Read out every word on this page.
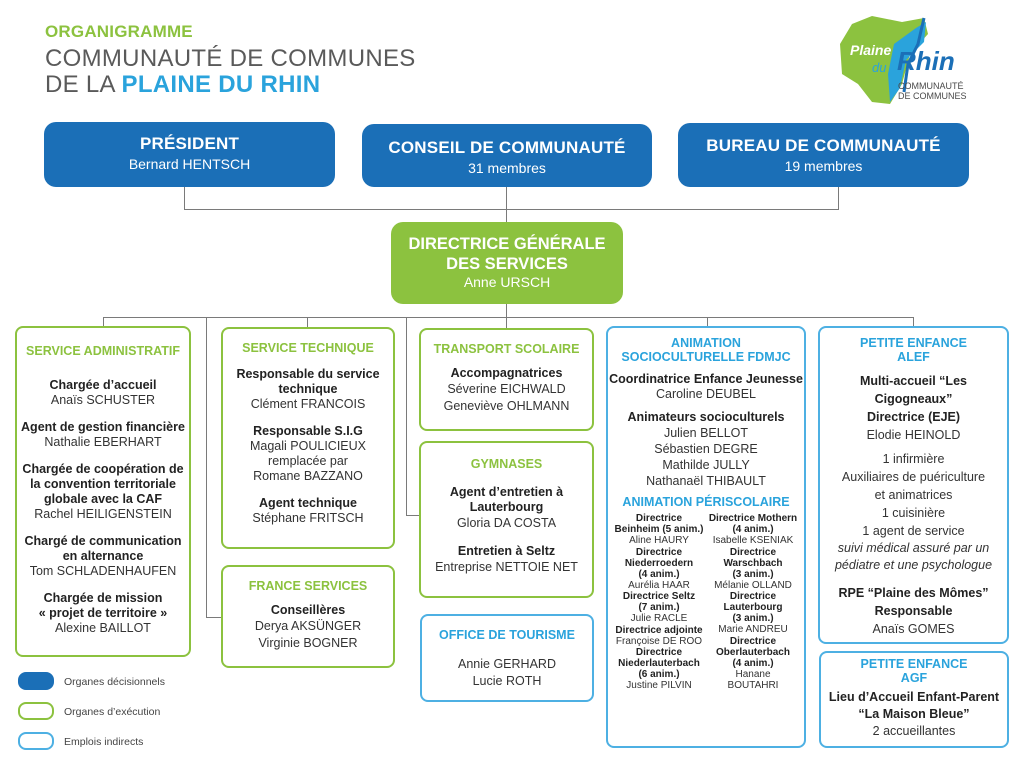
ORGANIGRAMME
COMMUNAUTÉ DE COMMUNES
DE LA PLAINE DU RHIN
Plaine
du Rhin
COMMUNAUTÉ
DE COMMUNES
PRÉSIDENT
Bernard HENTSCH
CONSEIL DE COMMUNAUTÉ
31 membres
BUREAU DE COMMUNAUTÉ
19 membres
DIRECTRICE GÉNÉRALE
DES SERVICES
Anne URSCH
SERVICE ADMINISTRATIF
Chargée d’accueil
Anaïs SCHUSTER
Agent de gestion financière
Nathalie EBERHART
Chargée de coopération de
la convention territoriale
globale avec la CAF
Rachel HEILIGENSTEIN
Chargé de communication
en alternance
Tom SCHLADENHAUFEN
Chargée de mission
« projet de territoire »
Alexine BAILLOT
SERVICE TECHNIQUE
Responsable du service
technique
Clément FRANCOIS
Responsable S.I.G
Magali POULICIEUX
remplacée par
Romane BAZZANO
Agent technique
Stéphane FRITSCH
FRANCE SERVICES
Conseillères
Derya AKSÜNGER
Virginie BOGNER
TRANSPORT SCOLAIRE
Accompagnatrices
Séverine EICHWALD
Geneviève OHLMANN
GYMNASES
Agent d’entretien à
Lauterbourg
Gloria DA COSTA
Entretien à Seltz
Entreprise NETTOIE NET
OFFICE DE TOURISME
Annie GERHARD
Lucie ROTH
ANIMATION
SOCIOCULTURELLE FDMJC
Coordinatrice Enfance Jeunesse
Caroline DEUBEL
Animateurs socioculturels
Julien BELLOT
Sébastien DEGRE
Mathilde JULLY
Nathanaël THIBAULT
ANIMATION PÉRISCOLAIRE
Directrice
Beinheim (5 anim.)
Aline HAURY
Directrice
Niederroedern
(4 anim.)
Aurélia HAAR
Directrice Seltz
(7 anim.)
Julie RACLE
Directrice adjointe
Françoise DE ROO
Directrice
Niederlauterbach
(6 anim.)
Justine PILVIN
Directrice Mothern
(4 anim.)
Isabelle KSENIAK
Directrice
Warschbach
(3 anim.)
Mélanie OLLAND
Directrice
Lauterbourg
(3 anim.)
Marie ANDREU
Directrice
Oberlauterbach
(4 anim.)
Hanane
BOUTAHRI
PETITE ENFANCE
ALEF
Multi-accueil “Les Cigogneaux”
Directrice (EJE)
Elodie HEINOLD
1 infirmière
Auxiliaires de puériculture
et animatrices
1 cuisinière
1 agent de service
suivi médical assuré par un
pédiatre et une psychologue
RPE “Plaine des Mômes”
Responsable
Anaïs GOMES
PETITE ENFANCE
AGF
Lieu d’Accueil Enfant-Parent
“La Maison Bleue”
2 accueillantes
Organes décisionnels
Organes d’exécution
Emplois indirects
